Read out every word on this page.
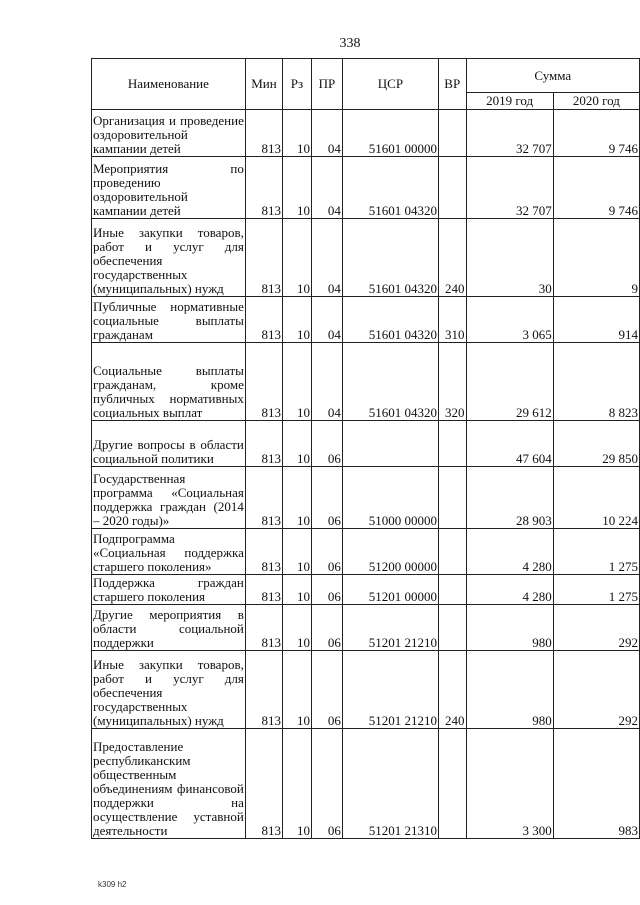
338
Наименование	Мин	Рз	ПР	ЦСР	ВР	Сумма	
						2019 год	2020 год
Организация и проведение оздоровительной кампании детей	813	10	04	51601 00000		32 707	9 746
Мероприятия по проведению оздоровительной кампании детей	813	10	04	51601 04320		32 707	9 746
Иные закупки товаров, работ и услуг для обеспечения государственных (муниципальных) нужд	813	10	04	51601 04320	240	30	9
Публичные нормативные социальные выплаты гражданам	813	10	04	51601 04320	310	3 065	914
Социальные выплаты гражданам, кроме публичных нормативных социальных выплат	813	10	04	51601 04320	320	29 612	8 823
Другие вопросы в области социальной политики	813	10	06			47 604	29 850
Государственная программа «Социальная поддержка граждан (2014 – 2020 годы)»	813	10	06	51000 00000		28 903	10 224
Подпрограмма «Социальная поддержка старшего поколения»	813	10	06	51200 00000		4 280	1 275
Поддержка граждан старшего поколения	813	10	06	51201 00000		4 280	1 275
Другие мероприятия в области социальной поддержки	813	10	06	51201 21210		980	292
Иные закупки товаров, работ и услуг для обеспечения государственных (муниципальных) нужд	813	10	06	51201 21210	240	980	292
Предоставление республиканским общественным объединениям финансовой поддержки на осуществление уставной деятельности	813	10	06	51201 21310		3 300	983
k309 h2
